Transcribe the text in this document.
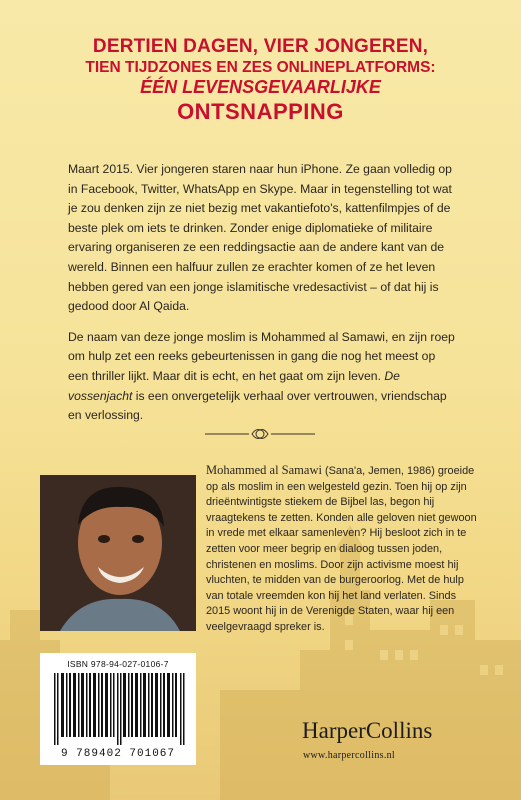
DERTIEN DAGEN, VIER JONGEREN,
TIEN TIJDZONES EN ZES ONLINEPLATFORMS:
ÉÉN LEVENSGEVAARLIJKE
ONTSNAPPING

Maart 2015. Vier jongeren staren naar hun iPhone. Ze gaan volledig op in Facebook, Twitter, WhatsApp en Skype. Maar in tegenstelling tot wat je zou denken zijn ze niet bezig met vakantiefoto's, kattenfilmpjes of de beste plek om iets te drinken. Zonder enige diplomatieke of militaire ervaring organiseren ze een reddingsactie aan de andere kant van de wereld. Binnen een halfuur zullen ze erachter komen of ze het leven hebben gered van een jonge islamitische vredesactivist – of dat hij is gedood door Al Qaida.

De naam van deze jonge moslim is Mohammed al Samawi, en zijn roep om hulp zet een reeks gebeurtenissen in gang die nog het meest op een thriller lijkt. Maar dit is echt, en het gaat om zijn leven. De vossenjacht is een onvergetelijk verhaal over vertrouwen, vriendschap en verlossing.

Mohammed al Samawi (Sana'a, Jemen, 1986) groeide op als moslim in een welgesteld gezin. Toen hij op zijn drieëntwintigste stiekem de Bijbel las, begon hij vraagtekens te zetten. Konden alle geloven niet gewoon in vrede met elkaar samenleven? Hij besloot zich in te zetten voor meer begrip en dialoog tussen joden, christenen en moslims. Door zijn activisme moest hij vluchten, te midden van de burgeroorlog. Met de hulp van totale vreemden kon hij het land verlaten. Sinds 2015 woont hij in de Verenigde Staten, waar hij een veelgevraagd spreker is.

ISBN 978-94-027-0106-7
9 789402 701067
HarperCollins
www.harpercollins.nl
